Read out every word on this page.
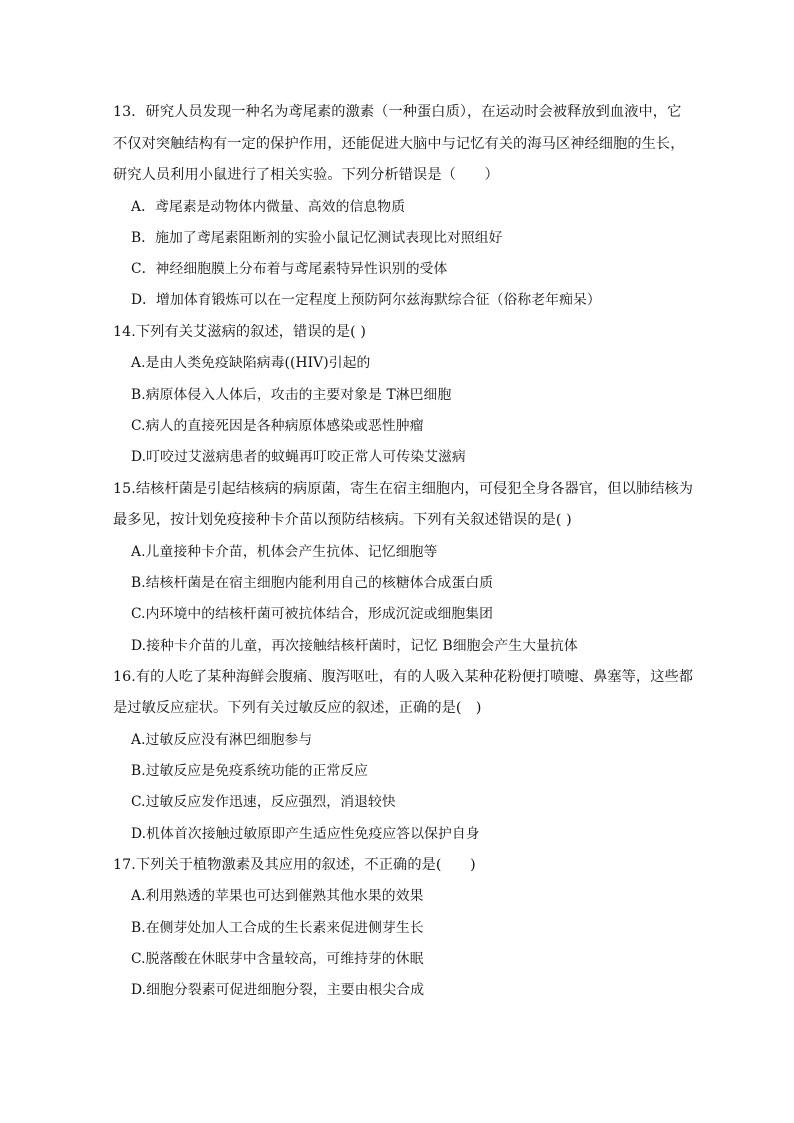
13．研究人员发现一种名为鸢尾素的激素（一种蛋白质），在运动时会被释放到血液中，它
不仅对突触结构有一定的保护作用，还能促进大脑中与记忆有关的海马区神经细胞的生长，
研究人员利用小鼠进行了相关实验。下列分析错误是（　　）
A．鸢尾素是动物体内微量、高效的信息物质
B．施加了鸢尾素阻断剂的实验小鼠记忆测试表现比对照组好
C．神经细胞膜上分布着与鸢尾素特异性识别的受体
D．增加体育锻炼可以在一定程度上预防阿尔兹海默综合征（俗称老年痴呆）
14.下列有关艾滋病的叙述，错误的是( )
A.是由人类免疫缺陷病毒((HIV)引起的
B.病原体侵入人体后，攻击的主要对象是 T淋巴细胞
C.病人的直接死因是各种病原体感染或恶性肿瘤
D.叮咬过艾滋病患者的蚊蝇再叮咬正常人可传染艾滋病
15.结核杆菌是引起结核病的病原菌，寄生在宿主细胞内，可侵犯全身各器官，但以肺结核为
最多见，按计划免疫接种卡介苗以预防结核病。下列有关叙述错误的是( )
A.儿童接种卡介苗，机体会产生抗体、记忆细胞等
B.结核杆菌是在宿主细胞内能利用自己的核糖体合成蛋白质
C.内环境中的结核杆菌可被抗体结合，形成沉淀或细胞集团
D.接种卡介苗的儿童，再次接触结核杆菌时，记忆 B细胞会产生大量抗体
16.有的人吃了某种海鲜会腹痛、腹泻呕吐，有的人吸入某种花粉便打喷嚏、鼻塞等，这些都
是过敏反应症状。下列有关过敏反应的叙述，正确的是(　)
A.过敏反应没有淋巴细胞参与
B.过敏反应是免疫系统功能的正常反应
C.过敏反应发作迅速，反应强烈，消退较快
D.机体首次接触过敏原即产生适应性免疫应答以保护自身
17.下列关于植物激素及其应用的叙述，不正确的是(　　)
A.利用熟透的苹果也可达到催熟其他水果的效果
B.在侧芽处加人工合成的生长素来促进侧芽生长
C.脱落酸在休眠芽中含量较高，可维持芽的休眠
D.细胞分裂素可促进细胞分裂，主要由根尖合成
